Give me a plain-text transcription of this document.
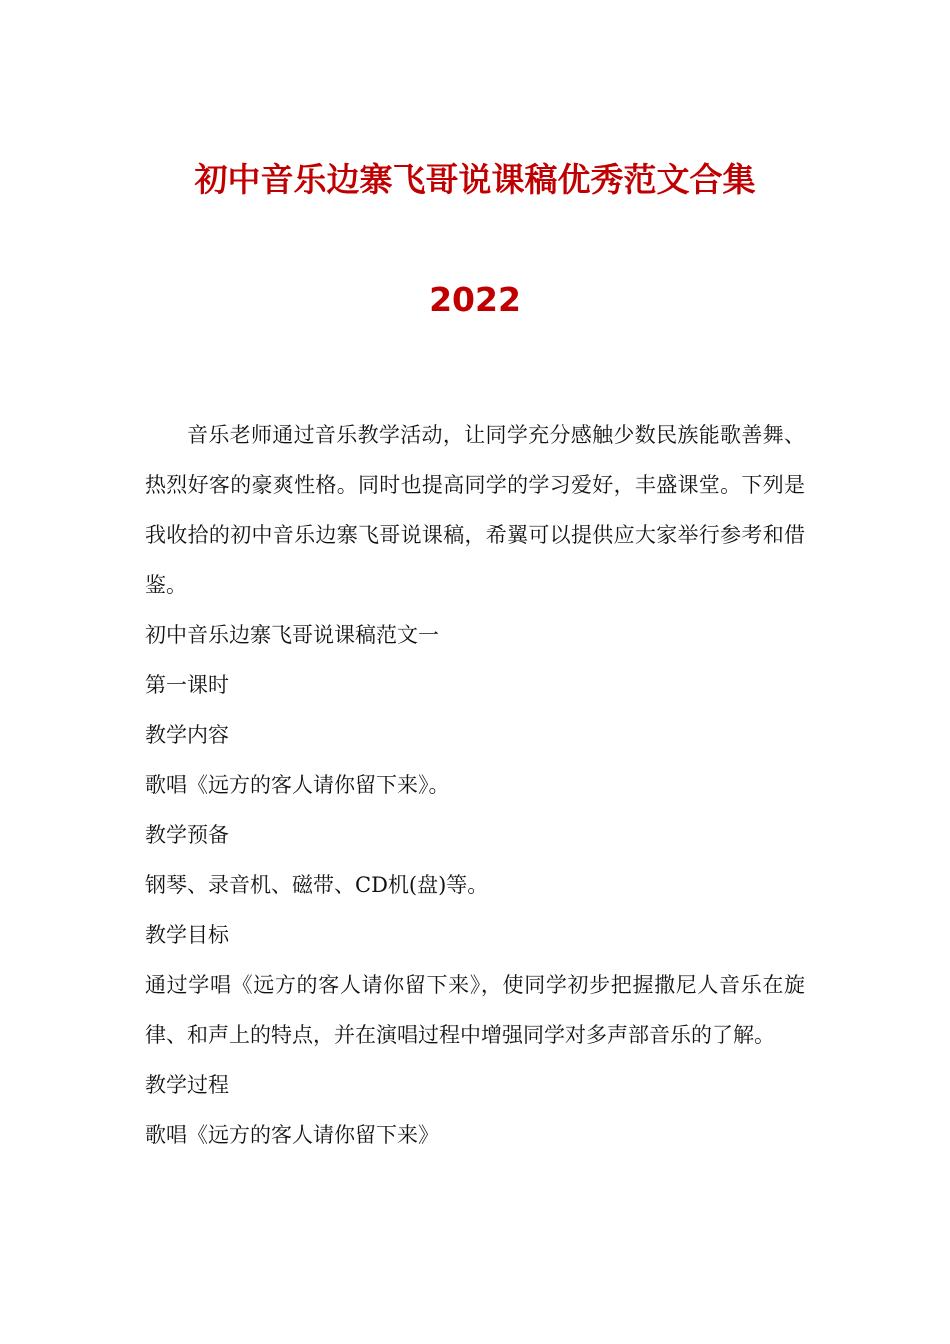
初中音乐边寨飞哥说课稿优秀范文合集
2022

音乐老师通过音乐教学活动，让同学充分感触少数民族能歌善舞、热烈好客的豪爽性格。同时也提高同学的学习爱好，丰盛课堂。下列是我收拾的初中音乐边寨飞哥说课稿，希翼可以提供应大家举行参考和借鉴。

初中音乐边寨飞哥说课稿范文一

第一课时

教学内容

歌唱《远方的客人请你留下来》。

教学预备

钢琴、录音机、磁带、CD机(盘)等。

教学目标

通过学唱《远方的客人请你留下来》，使同学初步把握撒尼人音乐在旋律、和声上的特点，并在演唱过程中增强同学对多声部音乐的了解。

教学过程

歌唱《远方的客人请你留下来》
